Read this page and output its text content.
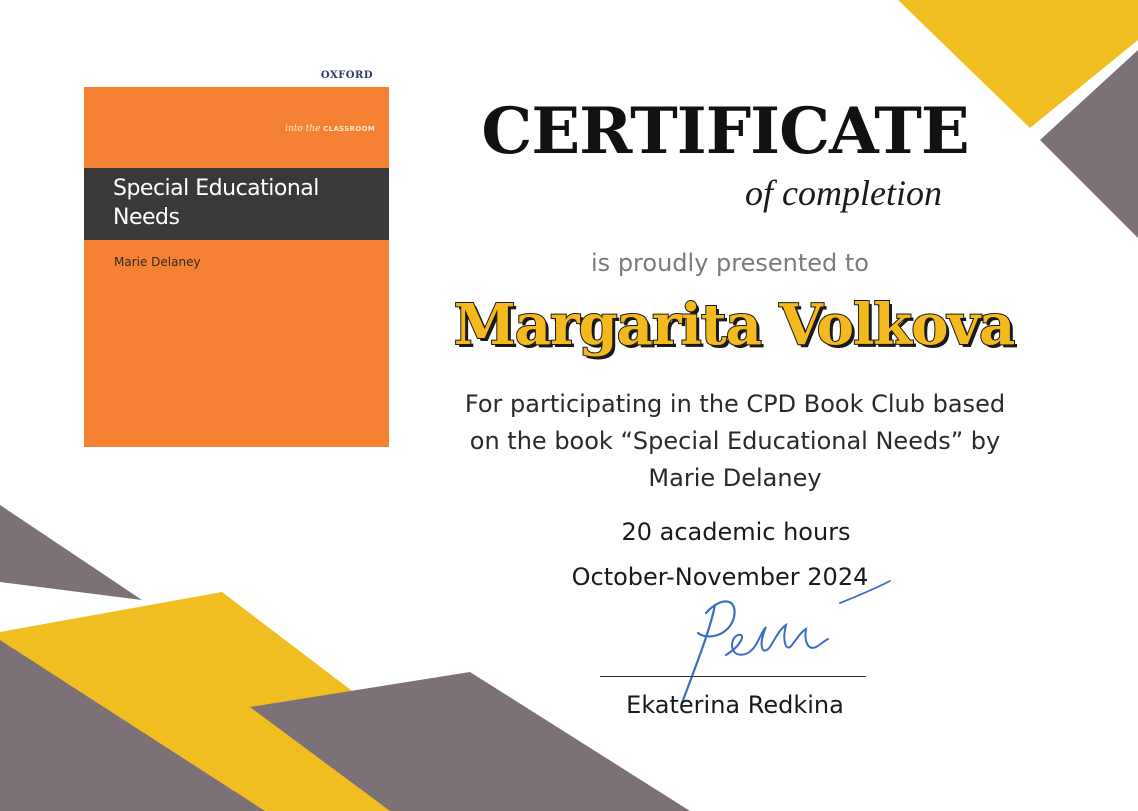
OXFORD
into the CLASSROOM
Special Educational
Needs
Marie Delaney
CERTIFICATE
of completion
is proudly presented to
Margarita Volkova
For participating in the CPD Book Club based
on the book “Special Educational Needs” by
Marie Delaney
20 academic hours
October-November 2024
Ekaterina Redkina
